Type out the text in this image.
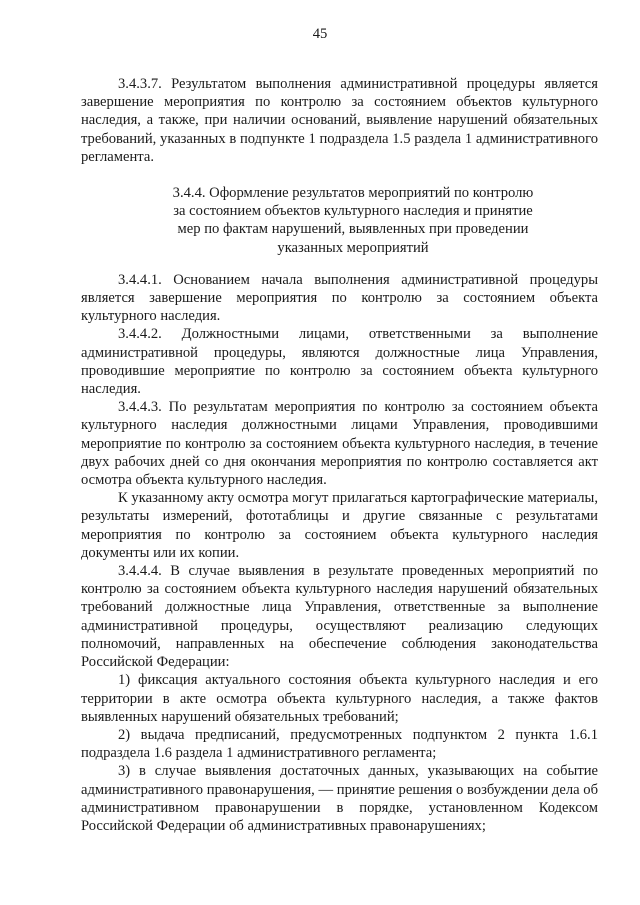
45

3.4.3.7. Результатом выполнения административной процедуры является завершение мероприятия по контролю за состоянием объектов культурного наследия, а также, при наличии оснований, выявление нарушений обязательных требований, указанных в подпункте 1 подраздела 1.5 раздела 1 административного регламента.

3.4.4. Оформление результатов мероприятий по контролю
за состоянием объектов культурного наследия и принятие
мер по фактам нарушений, выявленных при проведении
указанных мероприятий

3.4.4.1. Основанием начала выполнения административной процедуры является завершение мероприятия по контролю за состоянием объекта культурного наследия.

3.4.4.2. Должностными лицами, ответственными за выполнение административной процедуры, являются должностные лица Управления, проводившие мероприятие по контролю за состоянием объекта культурного наследия.

3.4.4.3. По результатам мероприятия по контролю за состоянием объекта культурного наследия должностными лицами Управления, проводившими мероприятие по контролю за состоянием объекта культурного наследия, в течение двух рабочих дней со дня окончания мероприятия по контролю составляется акт осмотра объекта культурного наследия.

К указанному акту осмотра могут прилагаться картографические материалы, результаты измерений, фототаблицы и другие связанные с результатами мероприятия по контролю за состоянием объекта культурного наследия документы или их копии.

3.4.4.4. В случае выявления в результате проведенных мероприятий по контролю за состоянием объекта культурного наследия нарушений обязательных требований должностные лица Управления, ответственные за выполнение административной процедуры, осуществляют реализацию следующих полномочий, направленных на обеспечение соблюдения законодательства Российской Федерации:

1) фиксация актуального состояния объекта культурного наследия и его территории в акте осмотра объекта культурного наследия, а также фактов выявленных нарушений обязательных требований;

2) выдача предписаний, предусмотренных подпунктом 2 пункта 1.6.1 подраздела 1.6 раздела 1 административного регламента;

3) в случае выявления достаточных данных, указывающих на событие административного правонарушения, — принятие решения о возбуждении дела об административном правонарушении в порядке, установленном Кодексом Российской Федерации об административных правонарушениях;
